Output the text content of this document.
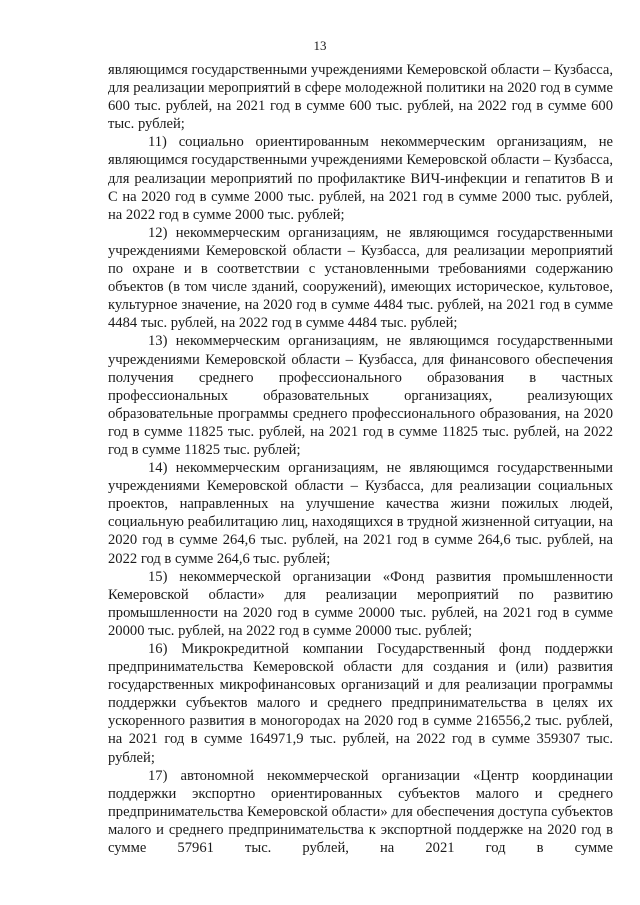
13

являющимся государственными учреждениями Кемеровской области – Кузбасса, для реализации мероприятий в сфере молодежной политики на 2020 год в сумме 600 тыс. рублей, на 2021 год в сумме 600 тыс. рублей, на 2022 год в сумме 600 тыс. рублей;

11) социально ориентированным некоммерческим организациям, не являющимся государственными учреждениями Кемеровской области – Кузбасса, для реализации мероприятий по профилактике ВИЧ-инфекции и гепатитов В и С на 2020 год в сумме 2000 тыс. рублей, на 2021 год в сумме 2000 тыс. рублей, на 2022 год в сумме 2000 тыс. рублей;

12) некоммерческим организациям, не являющимся государственными учреждениями Кемеровской области – Кузбасса, для реализации мероприятий по охране и в соответствии с установленными требованиями содержанию объектов (в том числе зданий, сооружений), имеющих историческое, культовое, культурное значение, на 2020 год в сумме 4484 тыс. рублей, на 2021 год в сумме 4484 тыс. рублей, на 2022 год в сумме 4484 тыс. рублей;

13) некоммерческим организациям, не являющимся государственными учреждениями Кемеровской области – Кузбасса, для финансового обеспечения получения среднего профессионального образования в частных профессиональных образовательных организациях, реализующих образовательные программы среднего профессионального образования, на 2020 год в сумме 11825 тыс. рублей, на 2021 год в сумме 11825 тыс. рублей, на 2022 год в сумме 11825 тыс. рублей;

14) некоммерческим организациям, не являющимся государственными учреждениями Кемеровской области – Кузбасса, для реализации социальных проектов, направленных на улучшение качества жизни пожилых людей, социальную реабилитацию лиц, находящихся в трудной жизненной ситуации, на 2020 год в сумме 264,6 тыс. рублей, на 2021 год в сумме 264,6 тыс. рублей, на 2022 год в сумме 264,6 тыс. рублей;

15) некоммерческой организации «Фонд развития промышленности Кемеровской области» для реализации мероприятий по развитию промышленности на 2020 год в сумме 20000 тыс. рублей, на 2021 год в сумме 20000 тыс. рублей, на 2022 год в сумме 20000 тыс. рублей;

16) Микрокредитной компании Государственный фонд поддержки предпринимательства Кемеровской области для создания и (или) развития государственных микрофинансовых организаций и для реализации программы поддержки субъектов малого и среднего предпринимательства в целях их ускоренного развития в моногородах на 2020 год в сумме 216556,2 тыс. рублей, на 2021 год в сумме 164971,9 тыс. рублей, на 2022 год в сумме 359307 тыс. рублей;

17) автономной некоммерческой организации «Центр координации поддержки экспортно ориентированных субъектов малого и среднего предпринимательства Кемеровской области» для обеспечения доступа субъектов малого и среднего предпринимательства к экспортной поддержке на 2020 год в сумме 57961 тыс. рублей, на 2021 год в сумме
